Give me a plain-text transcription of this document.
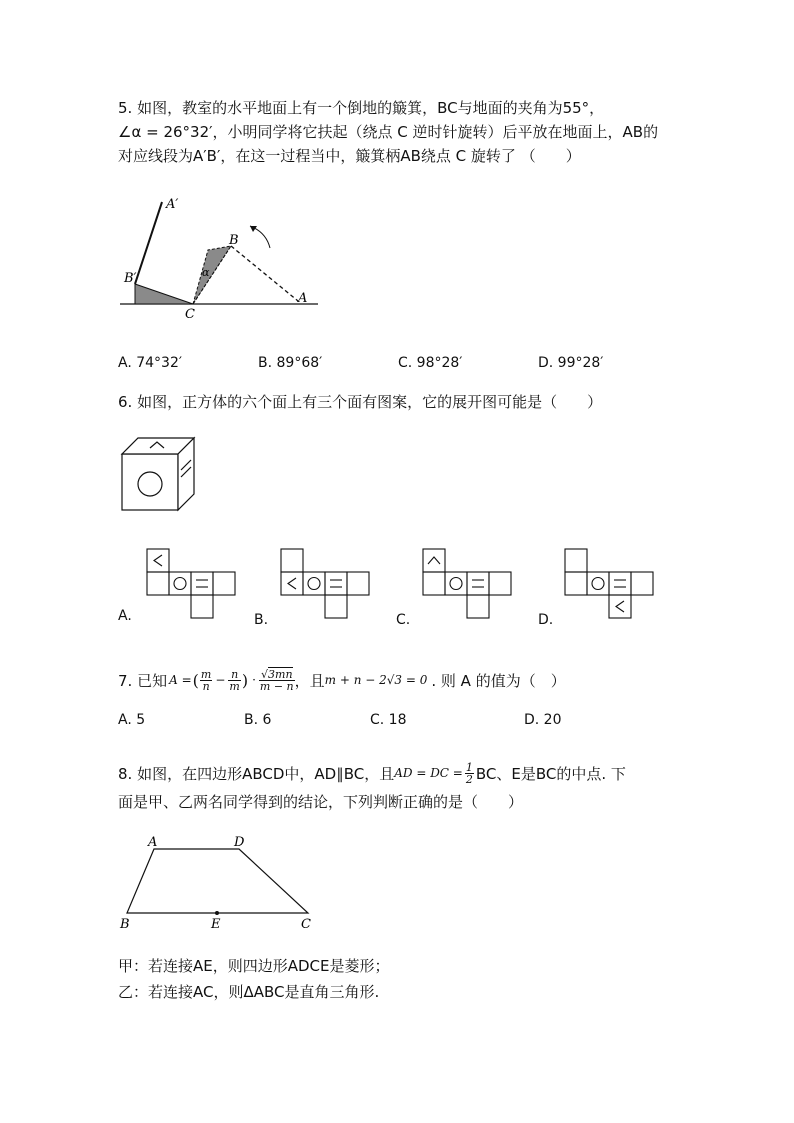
5. 如图，教室的水平地面上有一个倒地的簸箕，BC与地面的夹角为55°，
∠α = 26°32′，小明同学将它扶起（绕点 C 逆时针旋转）后平放在地面上，AB的
对应线段为A′B′，在这一过程当中，簸箕柄AB绕点 C 旋转了 （　　）
A′
B′
B
α
C
A
A. 74°32′	B. 89°68′	C. 98°28′	D. 99°28′
6. 如图，正方体的六个面上有三个面有图案，它的展开图可能是（　　）
A.	B.	C.	D.
7. 已知 A = ( $\frac{m}{n} - \frac{n}{m}$ ) · $\frac{√3mn}{m - n}$ ，且 m + n − 2√3 = 0 . 则 A 的值为（　）
A. 5	B. 6	C. 18	D. 20
8. 如图，在四边形ABCD中，AD∥BC，且 AD = DC = $\frac{1}{2}$ BC、E是BC的中点. 下
面是甲、乙两名同学得到的结论，下列判断正确的是（　　）
A	D
B	E	C
甲：若连接AE，则四边形ADCE是菱形；
乙：若连接AC，则ΔABC是直角三角形.
